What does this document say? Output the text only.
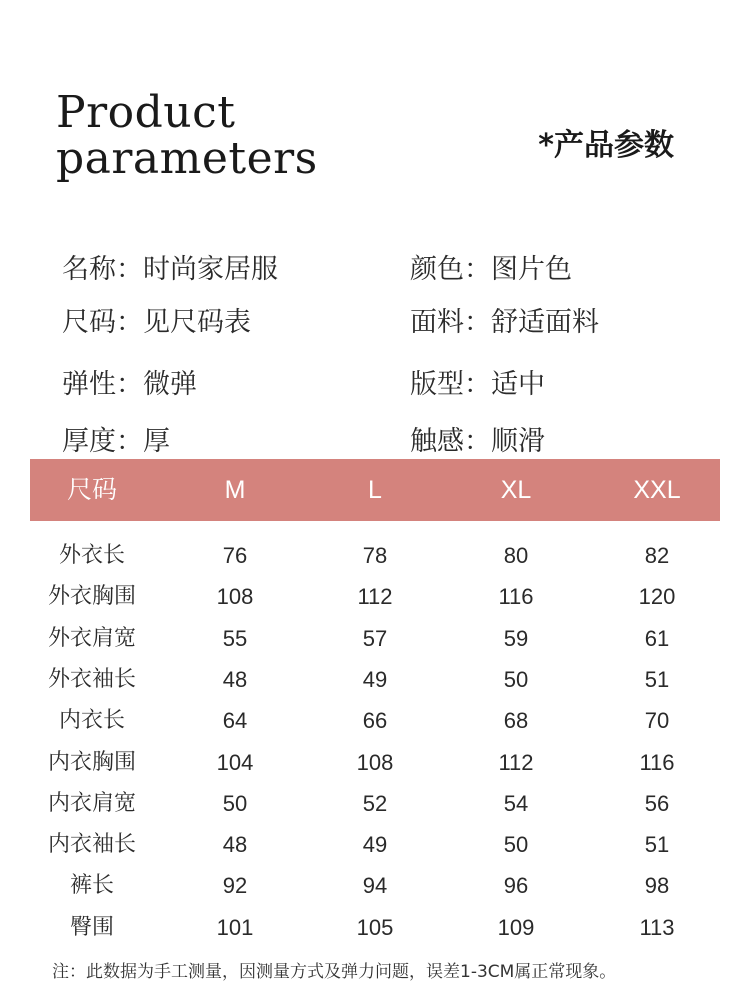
Product
parameters	*产品参数
名称：时尚家居服	颜色：图片色
尺码：见尺码表	面料：舒适面料
弹性：微弹	版型：适中
厚度：厚	触感：顺滑
尺码	M	L	XL	XXL
外衣长	76	78	80	82
外衣胸围	108	112	116	120
外衣肩宽	55	57	59	61
外衣袖长	48	49	50	51
内衣长	64	66	68	70
内衣胸围	104	108	112	116
内衣肩宽	50	52	54	56
内衣袖长	48	49	50	51
裤长	92	94	96	98
臀围	101	105	109	113
注：此数据为手工测量，因测量方式及弹力问题，误差1-3CM属正常现象。
